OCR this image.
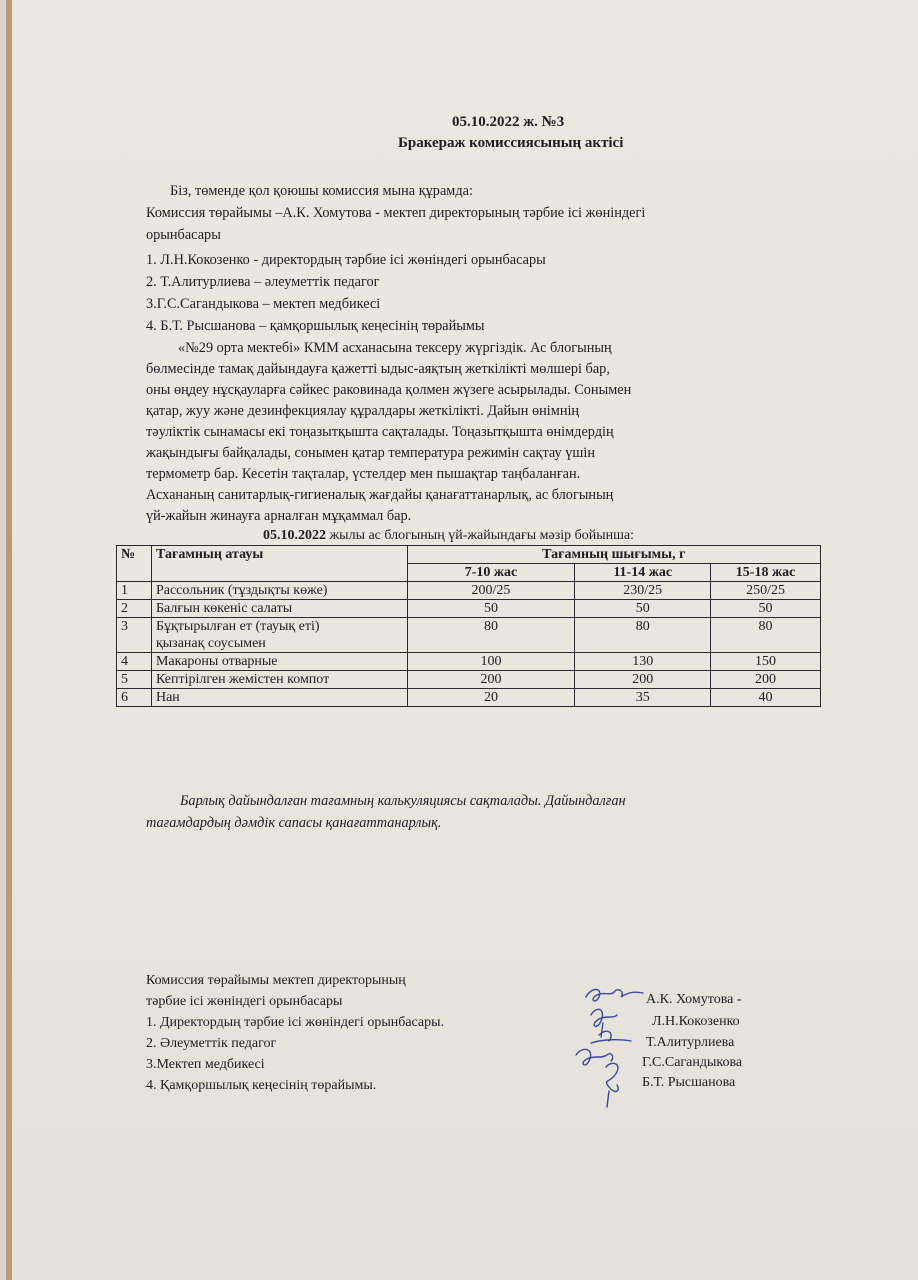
05.10.2022 ж. №3
Бракераж комиссиясының актісі
Біз, төменде қол қоюшы комиссия мына құрамда:
Комиссия төрайымы –А.К. Хомутова - мектеп директорының тәрбие ісі жөніндегі
орынбасары
1. Л.Н.Кокозенко - директордың тәрбие ісі жөніндегі орынбасары
2. Т.Алитурлиева – әлеуметтік педагог
3.Г.С.Сагандыкова – мектеп медбикесі
4. Б.Т. Рысшанова – қамқоршылық кеңесінің төрайымы
«№29 орта мектебі» КММ асханасына тексеру жүргіздік. Ас блогының
бөлмесінде тамақ дайындауға қажетті ыдыс-аяқтың жеткілікті мөлшері бар,
оны өңдеу нұсқауларға сәйкес раковинада қолмен жүзеге асырылады. Сонымен
қатар, жуу және дезинфекциялау құралдары жеткілікті. Дайын өнімнің
тәуліктік сынамасы екі тоңазытқышта сақталады. Тоңазытқышта өнімдердің
жақындығы байқалады, сонымен қатар температура режимін сақтау үшін
термометр бар. Кесетін тақталар, үстелдер мен пышақтар таңбаланған.
Асхананың санитарлық-гигиеналық жағдайы қанағаттанарлық, ас блогының
үй-жайын жинауға арналған мұқаммал бар.
05.10.2022 жылы ас блогының үй-жайындағы мәзір бойынша:
№	Тағамның атауы	Тағамның шығымы, г		
		7-10 жас	11-14 жас	15-18 жас
1	Рассольник (тұздықты көже)	200/25	230/25	250/25
2	Балғын көкеніс салаты	50	50	50
3	Бұқтырылған ет (тауық еті)
қызанақ соусымен	80	80	80
4	Макароны отварные	100	130	150
5	Кептірілген жемістен компот	200	200	200
6	Нан	20	35	40
Барлық дайындалған тағамның калькуляциясы сақталады. Дайындалған
тағамдардың дәмдік сапасы қанағаттанарлық.
Комиссия төрайымы мектеп директорының
тәрбие ісі жөніндегі орынбасары
1. Директордың тәрбие ісі жөніндегі орынбасары.
2. Әлеуметтік педагог
3.Мектеп медбикесі
4. Қамқоршылық кеңесінің төрайымы.
А.К. Хомутова -
Л.Н.Кокозенко
Т.Алитурлиева
Г.С.Сагандыкова
Б.Т. Рысшанова
